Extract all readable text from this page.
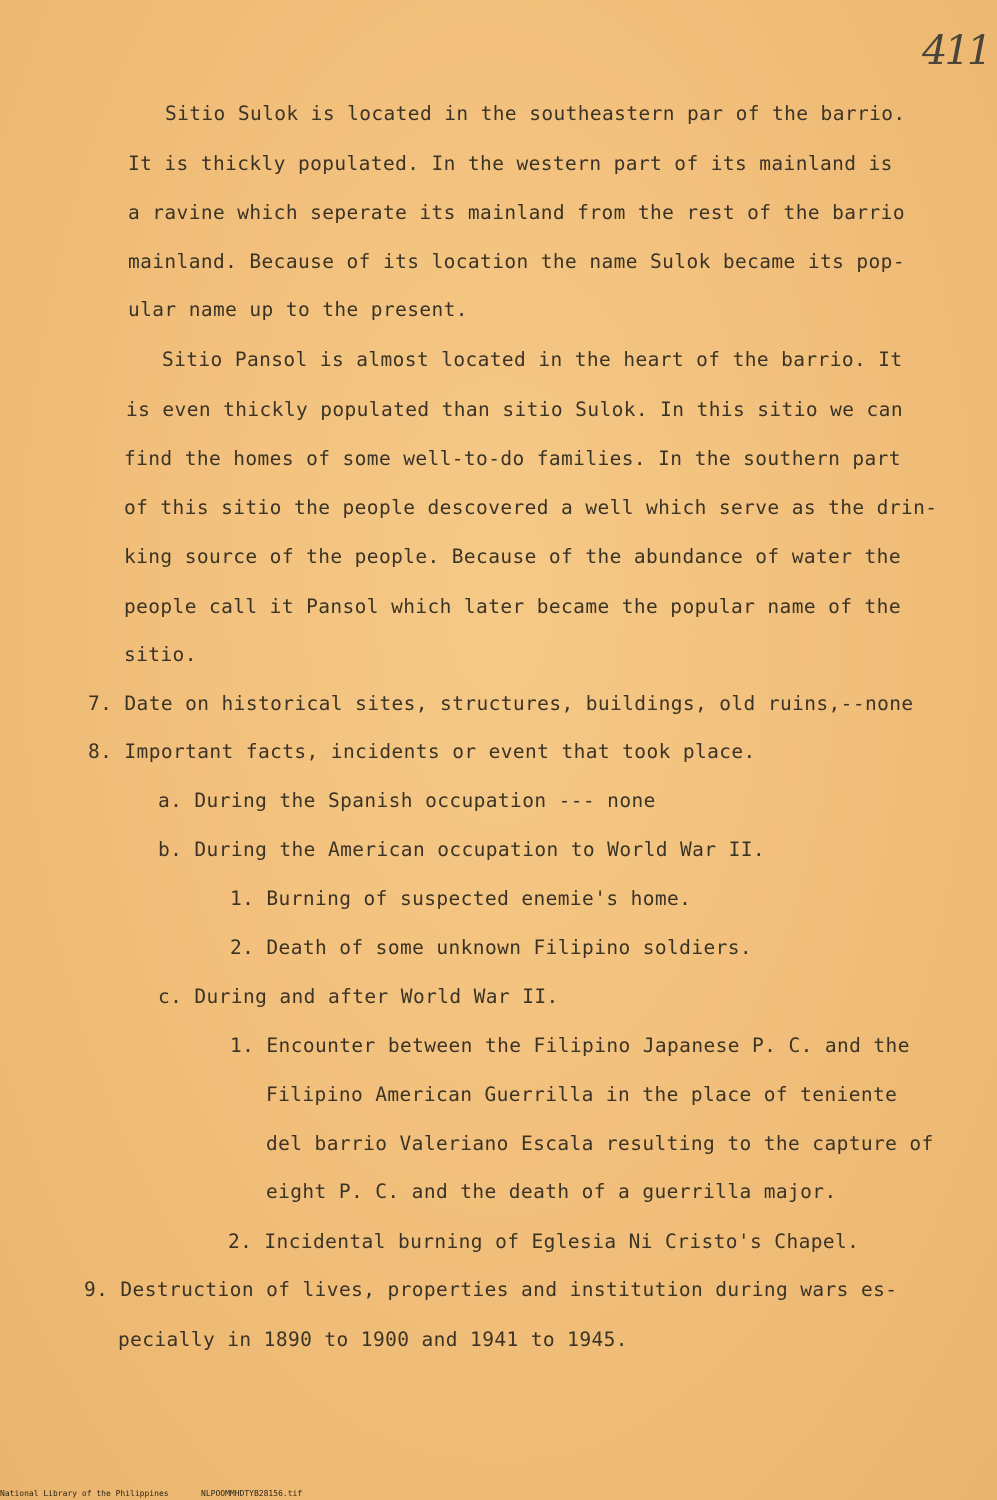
411
Sitio Sulok is located in the southeastern par of the barrio.
It is thickly populated. In the western part of its mainland is
a ravine which seperate its mainland from the rest of the barrio
mainland. Because of its location the name Sulok became its pop-
ular name up to the present.
Sitio Pansol is almost located in the heart of the barrio. It
is even thickly populated than sitio Sulok. In this sitio we can
find the homes of some well-to-do families. In the southern part
of this sitio the people descovered a well which serve as the drin-
king source of the people. Because of the abundance of water the
people call it Pansol which later became the popular name of the
sitio.
7. Date on historical sites, structures, buildings, old ruins,--none
8. Important facts, incidents or event that took place.
a. During the Spanish occupation --- none
b. During the American occupation to World War II.
1. Burning of suspected enemie's home.
2. Death of some unknown Filipino soldiers.
c. During and after World War II.
1. Encounter between the Filipino Japanese P. C. and the
Filipino American Guerrilla in the place of teniente
del barrio Valeriano Escala resulting to the capture of
eight P. C. and the death of a guerrilla major.
2. Incidental burning of Eglesia Ni Cristo's Chapel.
9. Destruction of lives, properties and institution during wars es-
pecially in 1890 to 1900 and 1941 to 1945.
National Library of the Philippines	NLPOOMMHDTYB28156.tif
